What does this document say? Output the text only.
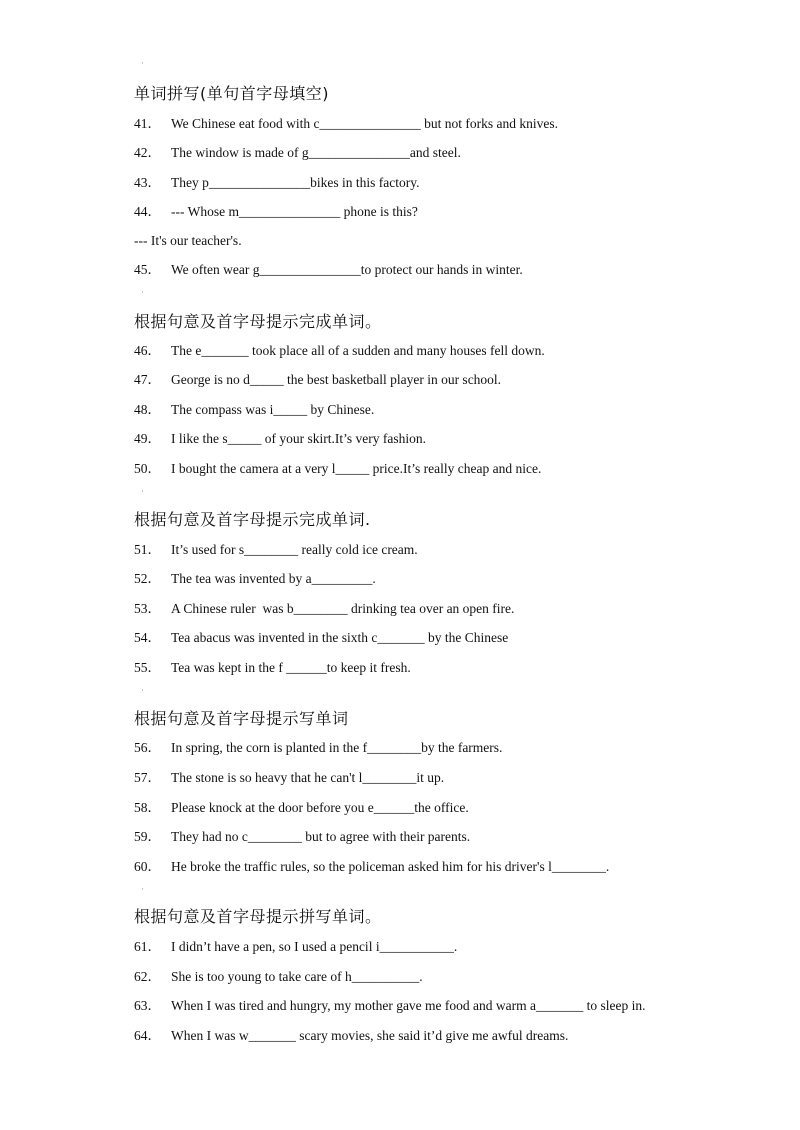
·
单词拼写(单句首字母填空)
41． We Chinese eat food with c_______________ but not forks and knives.
42． The window is made of g_______________and steel.
43． They p_______________bikes in this factory.
44． --- Whose m_______________ phone is this?
--- It's our teacher's.
45． We often wear g_______________to protect our hands in winter.
·
根据句意及首字母提示完成单词。
46． The e_______ took place all of a sudden and many houses fell down.
47． George is no d_____ the best basketball player in our school.
48． The compass was i_____ by Chinese.
49． I like the s_____ of your skirt.It’s very fashion.
50． I bought the camera at a very l_____ price.It’s really cheap and nice.
·
根据句意及首字母提示完成单词.
51． It’s used for s________ really cold ice cream.
52． The tea was invented by a_________.
53． A Chinese ruler  was b________ drinking tea over an open fire.
54． Tea abacus was invented in the sixth c_______ by the Chinese
55． Tea was kept in the f ______to keep it fresh.
·
根据句意及首字母提示写单词
56． In spring, the corn is planted in the f________by the farmers.
57． The stone is so heavy that he can't l________it up.
58． Please knock at the door before you e______the office.
59． They had no c________ but to agree with their parents.
60． He broke the traffic rules, so the policeman asked him for his driver's l________.
·
根据句意及首字母提示拼写单词。
61． I didn’t have a pen, so I used a pencil i___________.
62． She is too young to take care of h__________.
63． When I was tired and hungry, my mother gave me food and warm a_______ to sleep in.
64． When I was w_______ scary movies, she said it’d give me awful dreams.
